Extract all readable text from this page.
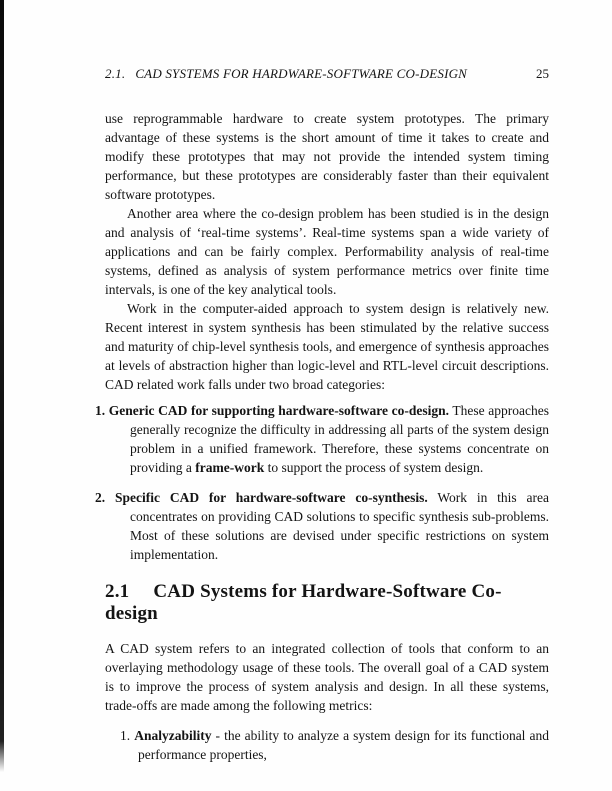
2.1. CAD SYSTEMS FOR HARDWARE-SOFTWARE CO-DESIGN	25

use reprogrammable hardware to create system prototypes. The primary advantage of these systems is the short amount of time it takes to create and modify these prototypes that may not provide the intended system timing performance, but these prototypes are considerably faster than their equivalent software prototypes.

Another area where the co-design problem has been studied is in the design and analysis of ‘real-time systems’. Real-time systems span a wide variety of applications and can be fairly complex. Performability analysis of real-time systems, defined as analysis of system performance metrics over finite time intervals, is one of the key analytical tools.

Work in the computer-aided approach to system design is relatively new. Recent interest in system synthesis has been stimulated by the relative success and maturity of chip-level synthesis tools, and emergence of synthesis approaches at levels of abstraction higher than logic-level and RTL-level circuit descriptions. CAD related work falls under two broad categories:

1. Generic CAD for supporting hardware-software co-design. These approaches generally recognize the difficulty in addressing all parts of the system design problem in a unified framework. Therefore, these systems concentrate on providing a frame-work to support the process of system design.
2. Specific CAD for hardware-software co-synthesis. Work in this area concentrates on providing CAD solutions to specific synthesis sub-problems. Most of these solutions are devised under specific restrictions on system implementation.
2.1 CAD Systems for Hardware-Software Co-design

A CAD system refers to an integrated collection of tools that conform to an overlaying methodology usage of these tools. The overall goal of a CAD system is to improve the process of system analysis and design. In all these systems, trade-offs are made among the following metrics:

1. Analyzability - the ability to analyze a system design for its functional and performance properties,
